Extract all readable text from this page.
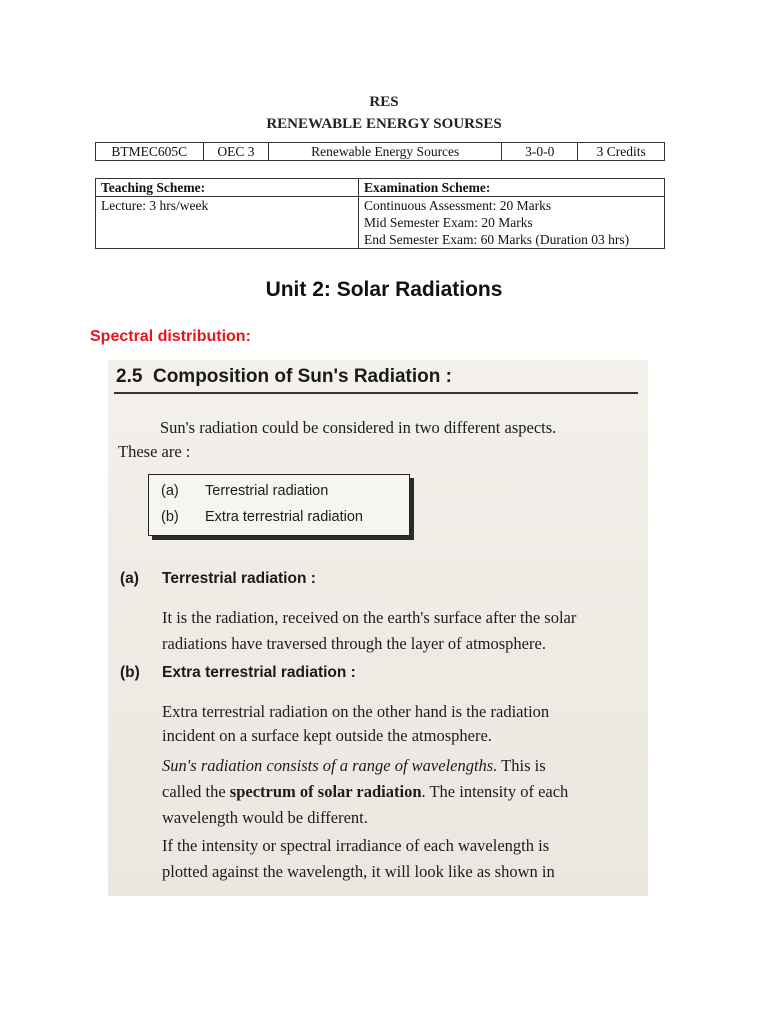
RES
RENEWABLE ENERGY SOURSES
BTMEC605C	OEC 3	Renewable Energy Sources	3-0-0	3 Credits
Teaching Scheme:	Examination Scheme:

Lecture: 3 hrs/week	Continuous Assessment: 20 Marks
Mid Semester Exam: 20 Marks
End Semester Exam: 60 Marks (Duration 03 hrs)
Unit 2: Solar Radiations
Spectral distribution:
2.5 Composition of Sun's Radiation :
Sun's radiation could be considered in two different aspects.
These are :
(a) Terrestrial radiation
(b) Extra terrestrial radiation
(a) Terrestrial radiation :
It is the radiation, received on the earth's surface after the solar
radiations have traversed through the layer of atmosphere.
(b) Extra terrestrial radiation :
Extra terrestrial radiation on the other hand is the radiation
incident on a surface kept outside the atmosphere.
Sun's radiation consists of a range of wavelengths. This is
called the spectrum of solar radiation. The intensity of each
wavelength would be different.
If the intensity or spectral irradiance of each wavelength is
plotted against the wavelength, it will look like as shown in
